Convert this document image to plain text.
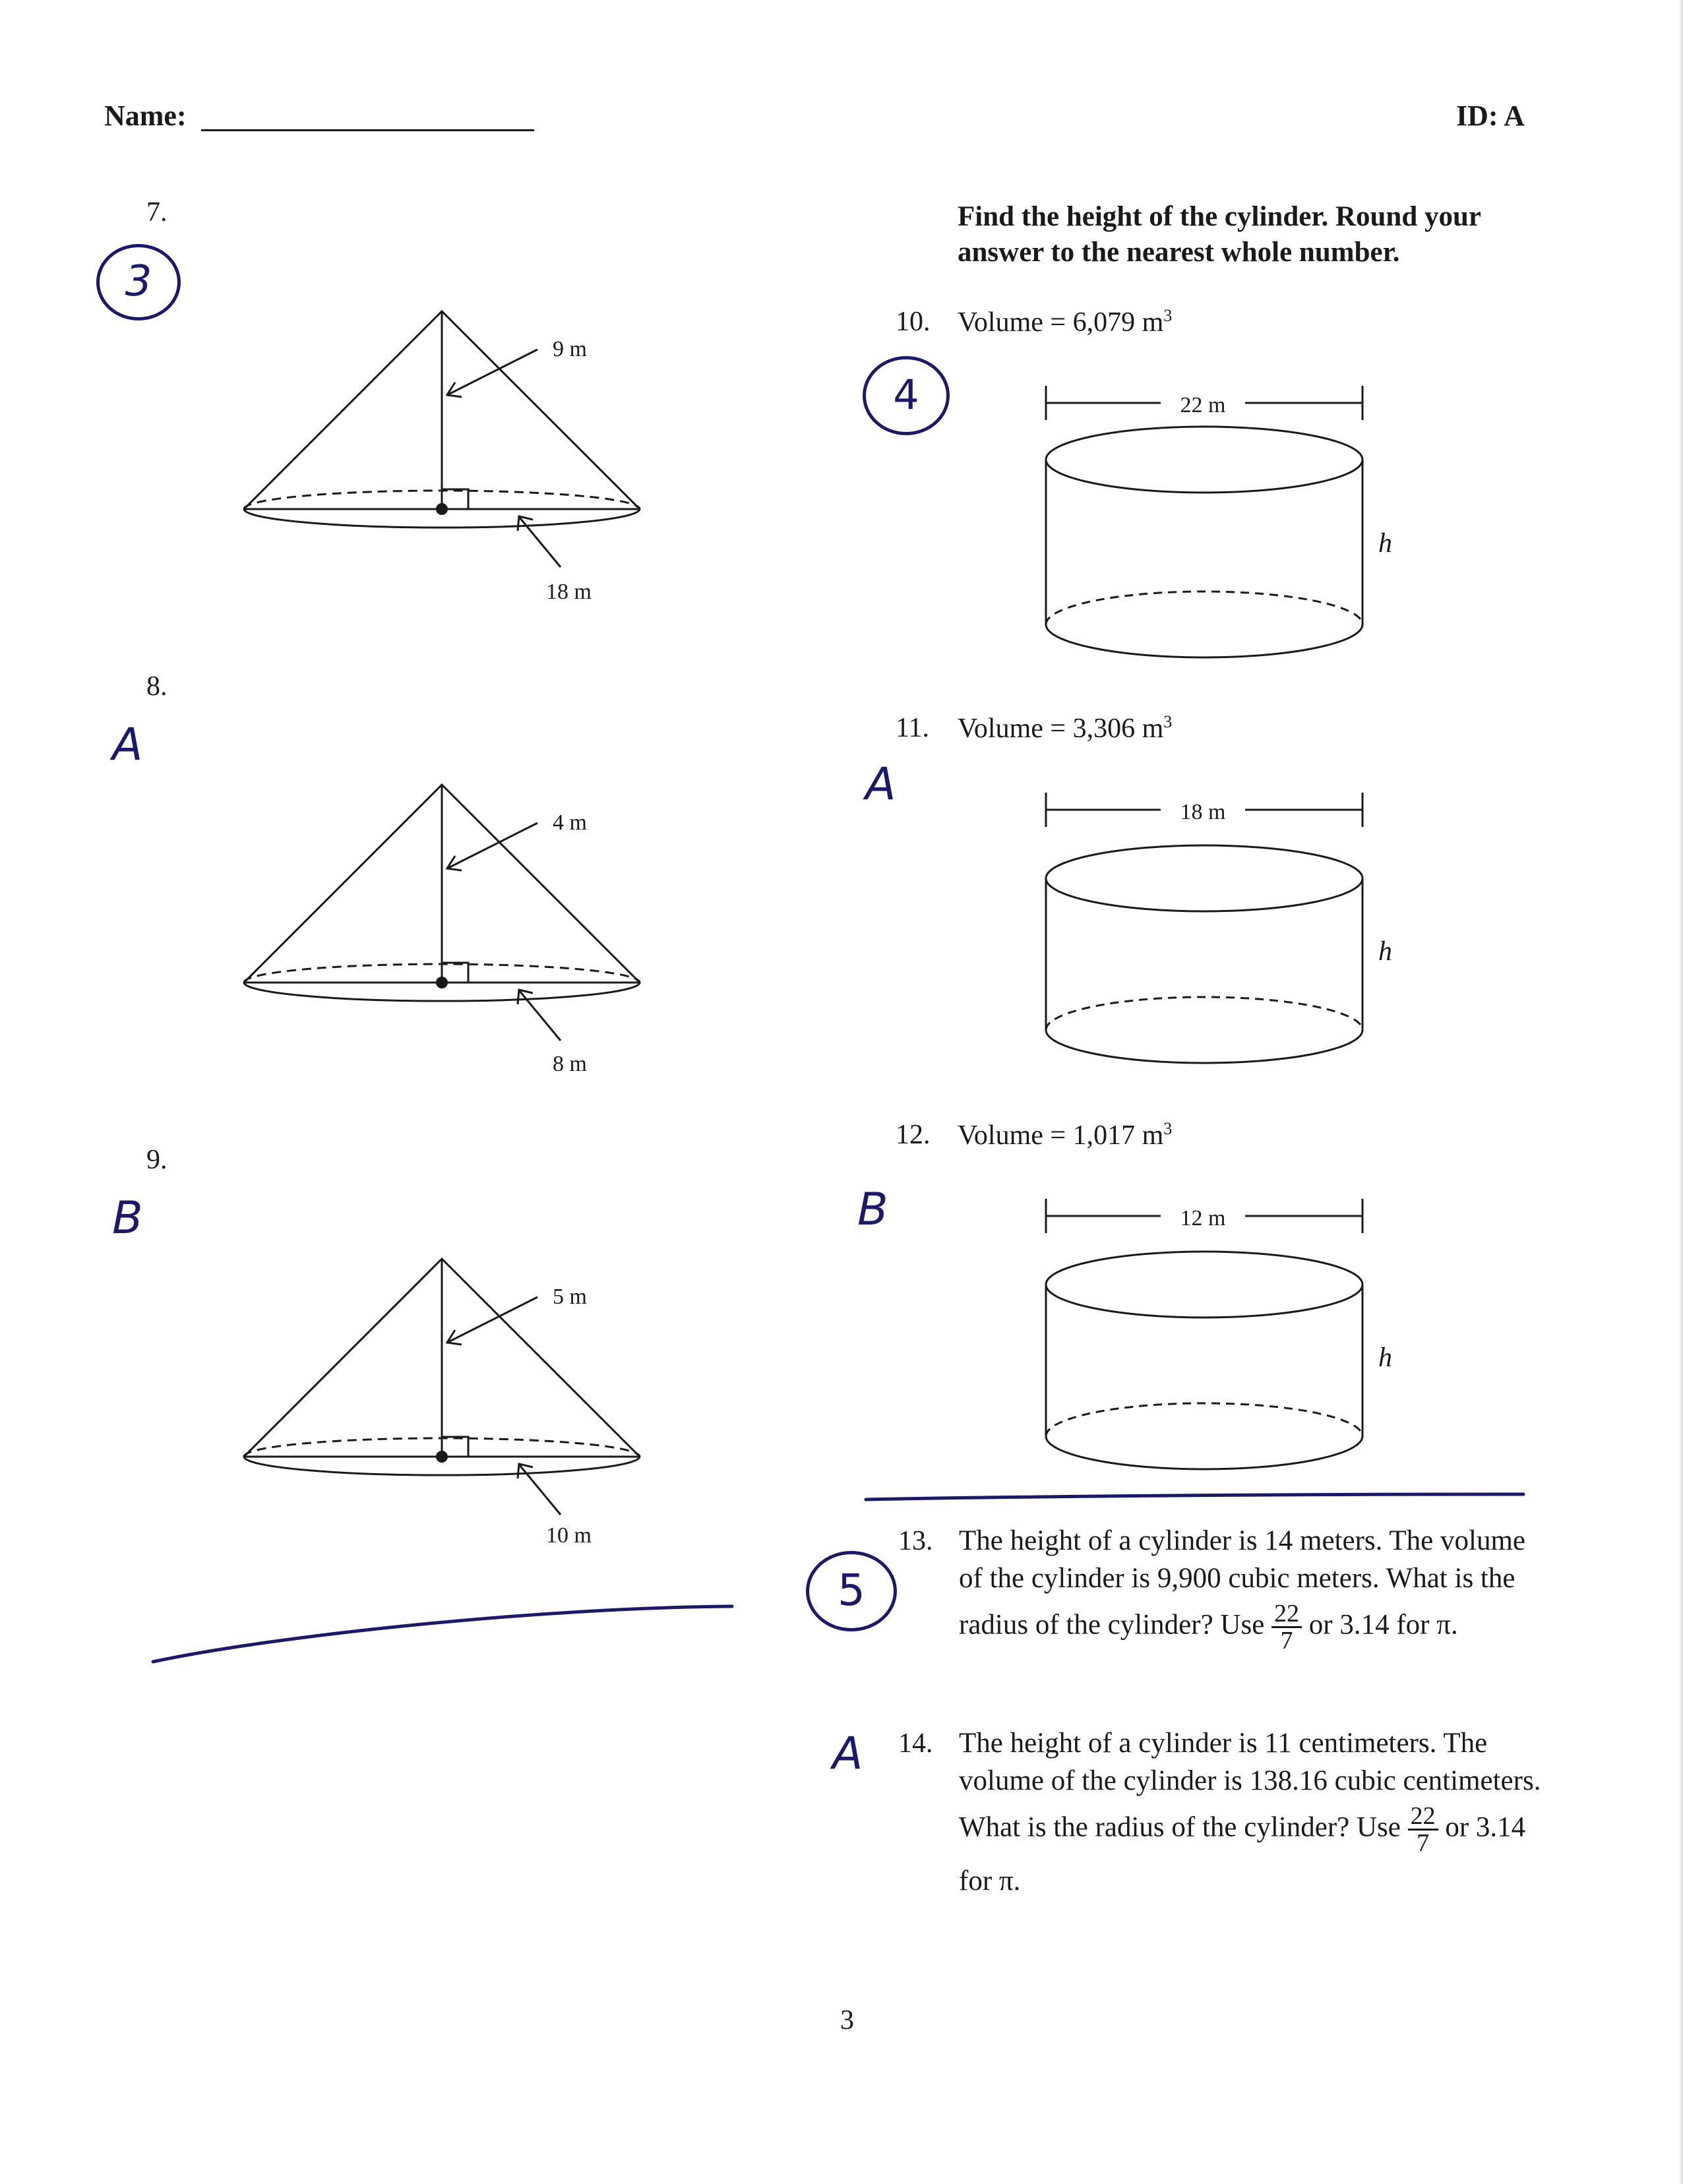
Name:	ID: A
Find the height of the cylinder. Round your answer to the nearest whole number.
7.
3
9 m
18 m
8.
A
4 m
8 m
9.
B
5 m
10 m
10. Volume = 6,079 $m^3$
4	22 m
h
11. Volume = 3,306 $m^3$
A
18 m
h
12. Volume = 1,017 $m^3$
B	12 m
h
13.
5
The height of a cylinder is 14 meters. The volume
of the cylinder is 9,900 cubic meters. What is the
radius of the cylinder? Use $\frac{22}{7}$ or 3.14 for π.
14.
A	The height of a cylinder is 11 centimeters. The
volume of the cylinder is 138.16 cubic centimeters.
What is the radius of the cylinder? Use $\frac{22}{7}$ or 3.14
for π.
3
